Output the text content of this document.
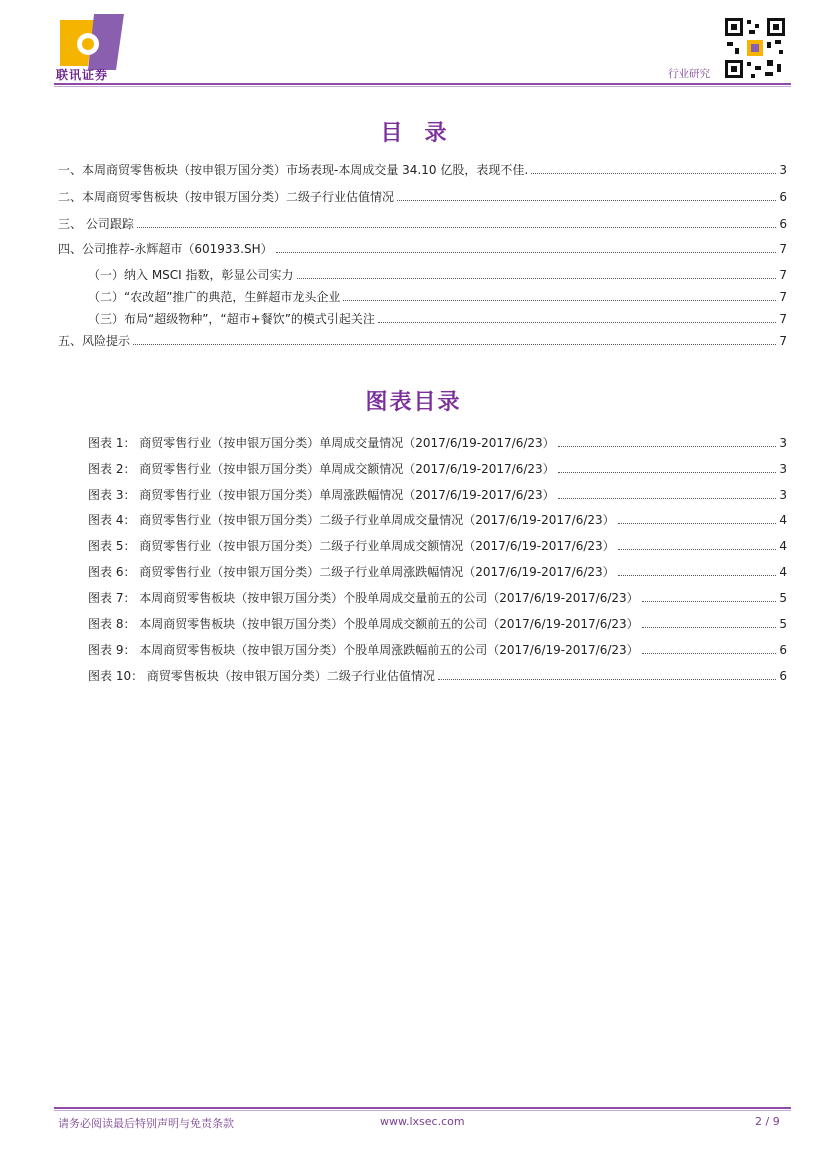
联讯证券	行业研究
目录
一、本周商贸零售板块（按申银万国分类）市场表现-本周成交量 34.10 亿股，表现不佳.	3
二、本周商贸零售板块（按申银万国分类）二级子行业估值情况	6
三、 公司跟踪	6
四、公司推荐-永辉超市（601933.SH）	7
（一）纳入 MSCI 指数，彰显公司实力	7
（二）“农改超”推广的典范，生鲜超市龙头企业	7
（三）布局“超级物种”，“超市+餐饮”的模式引起关注	7
五、风险提示	7
图表目录
图表 1： 商贸零售行业（按申银万国分类）单周成交量情况（2017/6/19-2017/6/23）	3
图表 2： 商贸零售行业（按申银万国分类）单周成交额情况（2017/6/19-2017/6/23）	3
图表 3： 商贸零售行业（按申银万国分类）单周涨跌幅情况（2017/6/19-2017/6/23）	3
图表 4： 商贸零售行业（按申银万国分类）二级子行业单周成交量情况（2017/6/19-2017/6/23）	4
图表 5： 商贸零售行业（按申银万国分类）二级子行业单周成交额情况（2017/6/19-2017/6/23）	4
图表 6： 商贸零售行业（按申银万国分类）二级子行业单周涨跌幅情况（2017/6/19-2017/6/23）	4
图表 7： 本周商贸零售板块（按申银万国分类）个股单周成交量前五的公司（2017/6/19-2017/6/23）	5
图表 8： 本周商贸零售板块（按申银万国分类）个股单周成交额前五的公司（2017/6/19-2017/6/23）	5
图表 9： 本周商贸零售板块（按申银万国分类）个股单周涨跌幅前五的公司（2017/6/19-2017/6/23）	6
图表 10： 商贸零售板块（按申银万国分类）二级子行业估值情况	6
请务必阅读最后特别声明与免责条款	www.lxsec.com	2 / 9
